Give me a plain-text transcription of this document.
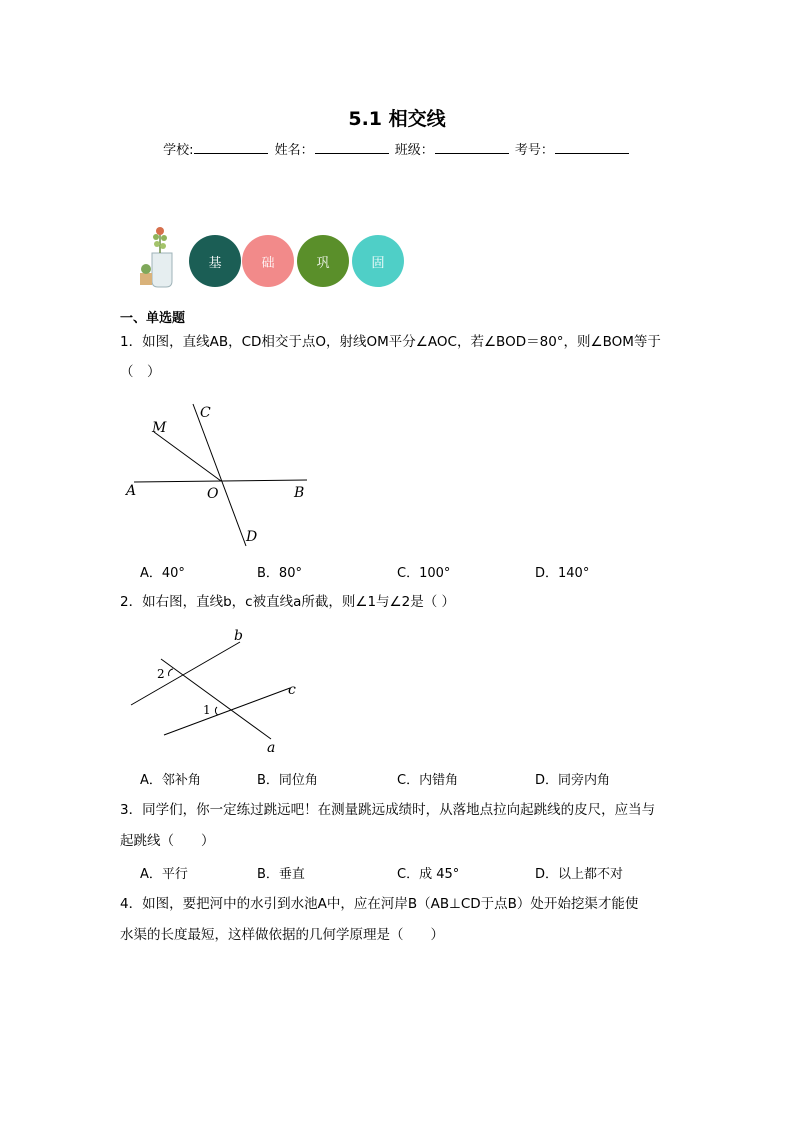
5.1 相交线
学校:	姓名：	班级：	考号：
基	础	巩	固
一、单选题
1．如图，直线AB，CD相交于点O，射线OM平分∠AOC，若∠BOD＝80°，则∠BOM等于
（　）
C
M
A	O	B
D
A．40°	B．80°	C．100°	D．140°
2．如右图，直线b，c被直线a所截，则∠1与∠2是（ ）
b
c
a
1
2
A．邻补角	B．同位角	C．内错角	D．同旁内角
3．同学们，你一定练过跳远吧！在测量跳远成绩时，从落地点拉向起跳线的皮尺，应当与
起跳线（　　）
A．平行	B．垂直	C．成 45°	D．以上都不对
4．如图，要把河中的水引到水池A中，应在河岸B（AB⊥CD于点B）处开始挖渠才能使
水渠的长度最短，这样做依据的几何学原理是（　　）
